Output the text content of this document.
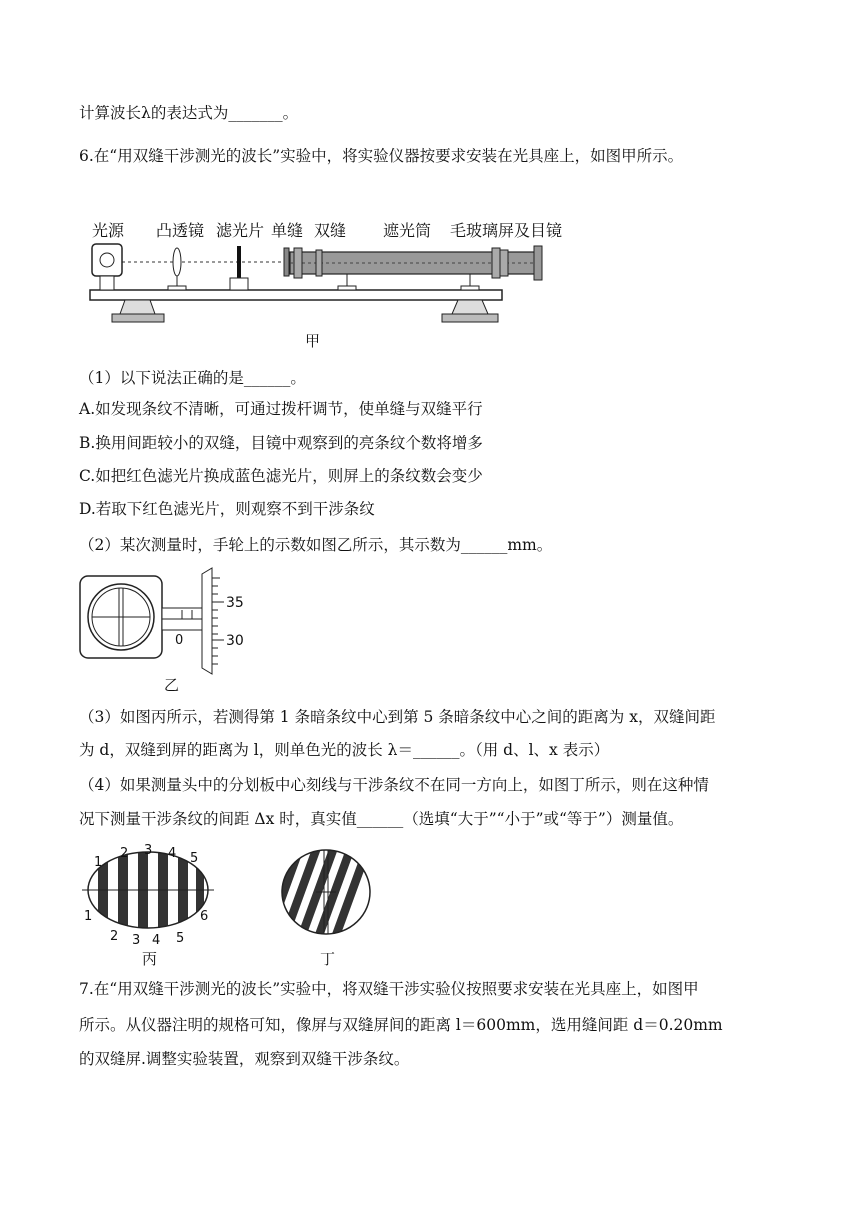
计算波长λ的表达式为_______。
6.在“用双缝干涉测光的波长”实验中，将实验仪器按要求安装在光具座上，如图甲所示。
光源 凸透镜 滤光片 单缝 双缝 遮光筒 毛玻璃屏及目镜
甲
（1）以下说法正确的是______。
A.如发现条纹不清晰，可通过拨杆调节，使单缝与双缝平行
B.换用间距较小的双缝，目镜中观察到的亮条纹个数将增多
C.如把红色滤光片换成蓝色滤光片，则屏上的条纹数会变少
D.若取下红色滤光片，则观察不到干涉条纹
（2）某次测量时，手轮上的示数如图乙所示，其示数为______mm。
0
35
30
乙
（3）如图丙所示，若测得第 1 条暗条纹中心到第 5 条暗条纹中心之间的距离为 x，双缝间距
为 d，双缝到屏的距离为 l，则单色光的波长 λ＝______。（用 d、l、x 表示）
（4）如果测量头中的分划板中心刻线与干涉条纹不在同一方向上，如图丁所示，则在这种情
况下测量干涉条纹的间距 Δx 时，真实值______（选填“大于”“小于”或“等于”）测量值。
1
2 3 4 5
1
2 3 4 5
6
丙	丁
7.在“用双缝干涉测光的波长”实验中，将双缝干涉实验仪按照要求安装在光具座上，如图甲
所示。从仪器注明的规格可知，像屏与双缝屏间的距离 l＝600mm，选用缝间距 d＝0.20mm
的双缝屏.调整实验装置，观察到双缝干涉条纹。
